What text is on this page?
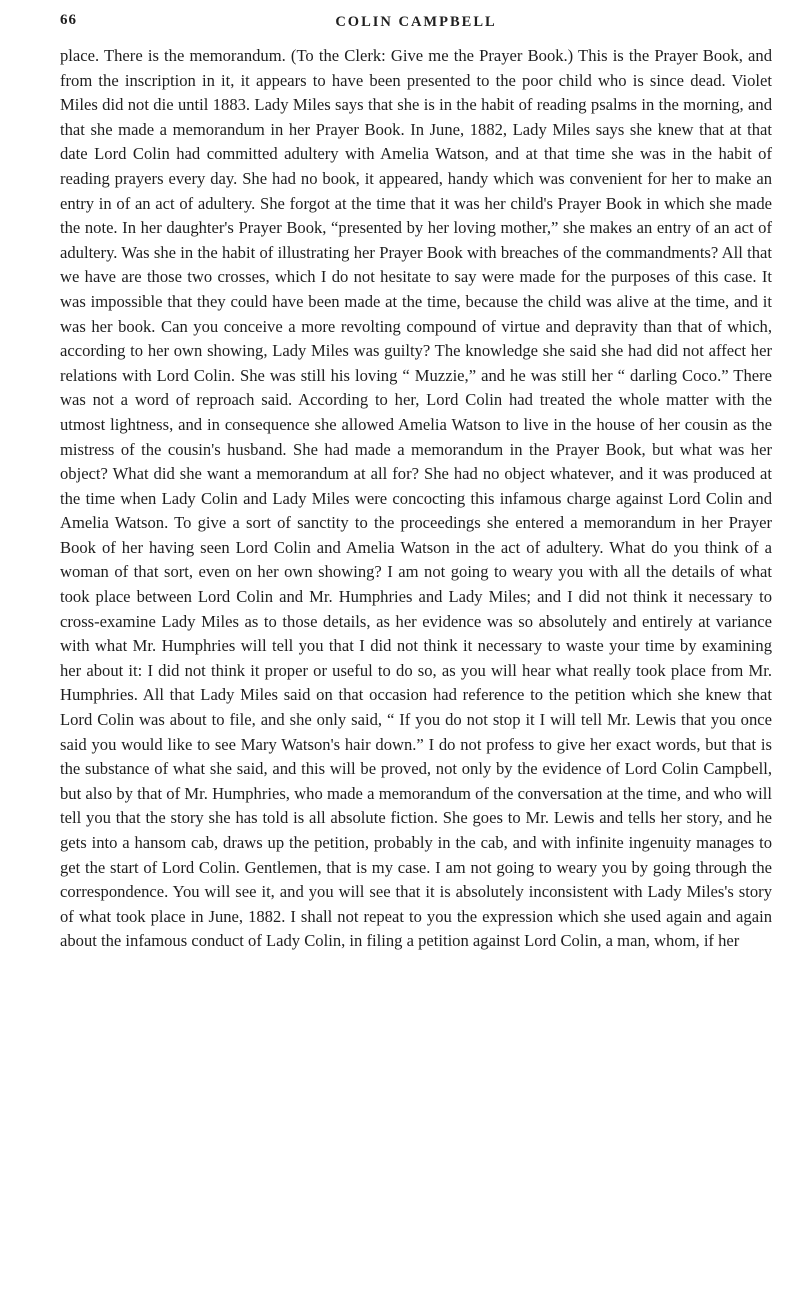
66	COLIN CAMPBELL

place. There is the memorandum. (To the Clerk: Give me the Prayer Book.) This is the Prayer Book, and from the inscription in it, it appears to have been presented to the poor child who is since dead. Violet Miles did not die until 1883. Lady Miles says that she is in the habit of reading psalms in the morning, and that she made a memorandum in her Prayer Book. In June, 1882, Lady Miles says she knew that at that date Lord Colin had committed adultery with Amelia Watson, and at that time she was in the habit of reading prayers every day. She had no book, it appeared, handy which was convenient for her to make an entry in of an act of adultery. She forgot at the time that it was her child's Prayer Book in which she made the note. In her daughter's Prayer Book, “presented by her loving mother,” she makes an entry of an act of adultery. Was she in the habit of illustrating her Prayer Book with breaches of the commandments? All that we have are those two crosses, which I do not hesitate to say were made for the purposes of this case. It was impossible that they could have been made at the time, because the child was alive at the time, and it was her book. Can you conceive a more revolting compound of virtue and depravity than that of which, according to her own showing, Lady Miles was guilty? The knowledge she said she had did not affect her relations with Lord Colin. She was still his loving “ Muzzie,” and he was still her “ darling Coco.” There was not a word of reproach said. According to her, Lord Colin had treated the whole matter with the utmost lightness, and in consequence she allowed Amelia Watson to live in the house of her cousin as the mistress of the cousin's husband. She had made a memorandum in the Prayer Book, but what was her object? What did she want a memorandum at all for? She had no object whatever, and it was produced at the time when Lady Colin and Lady Miles were concocting this infamous charge against Lord Colin and Amelia Watson. To give a sort of sanctity to the proceedings she entered a memorandum in her Prayer Book of her having seen Lord Colin and Amelia Watson in the act of adultery. What do you think of a woman of that sort, even on her own showing? I am not going to weary you with all the details of what took place between Lord Colin and Mr. Humphries and Lady Miles; and I did not think it necessary to cross-examine Lady Miles as to those details, as her evidence was so absolutely and entirely at variance with what Mr. Humphries will tell you that I did not think it necessary to waste your time by examining her about it: I did not think it proper or useful to do so, as you will hear what really took place from Mr. Humphries. All that Lady Miles said on that occasion had reference to the petition which she knew that Lord Colin was about to file, and she only said, “ If you do not stop it I will tell Mr. Lewis that you once said you would like to see Mary Watson's hair down.” I do not profess to give her exact words, but that is the substance of what she said, and this will be proved, not only by the evidence of Lord Colin Campbell, but also by that of Mr. Humphries, who made a memorandum of the conversation at the time, and who will tell you that the story she has told is all absolute fiction. She goes to Mr. Lewis and tells her story, and he gets into a hansom cab, draws up the petition, probably in the cab, and with infinite ingenuity manages to get the start of Lord Colin. Gentlemen, that is my case. I am not going to weary you by going through the correspondence. You will see it, and you will see that it is absolutely inconsistent with Lady Miles's story of what took place in June, 1882. I shall not repeat to you the expression which she used again and again about the infamous conduct of Lady Colin, in filing a petition against Lord Colin, a man, whom, if her
